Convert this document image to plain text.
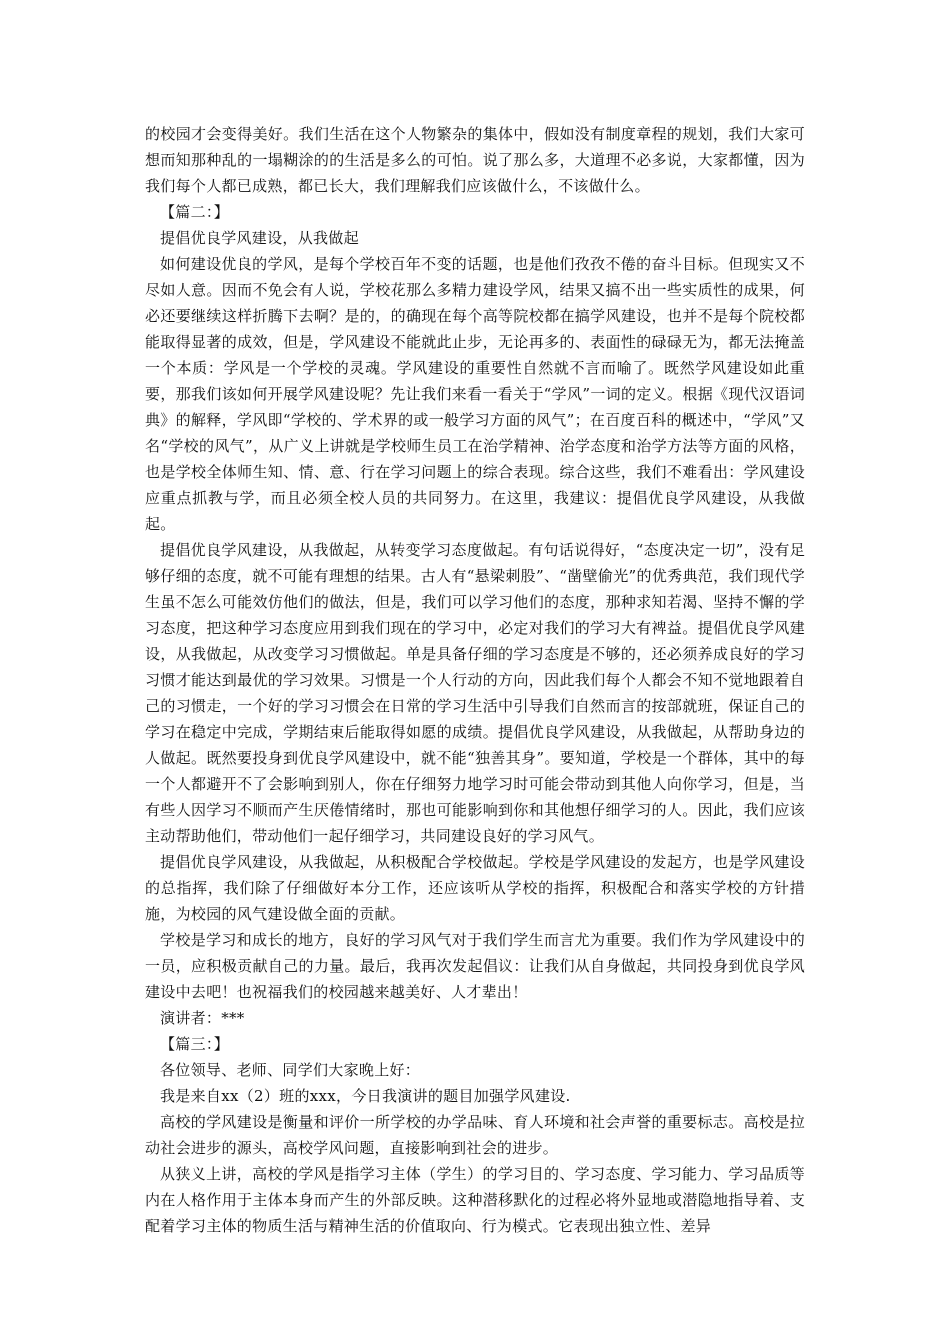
的校园才会变得美好。我们生活在这个人物繁杂的集体中，假如没有制度章程的规划，我们大家可想而知那种乱的一塌糊涂的的生活是多么的可怕。说了那么多，大道理不必多说，大家都懂，因为我们每个人都已成熟，都已长大，我们理解我们应该做什么，不该做什么。

【篇二：】

提倡优良学风建设，从我做起

如何建设优良的学风，是每个学校百年不变的话题，也是他们孜孜不倦的奋斗目标。但现实又不尽如人意。因而不免会有人说，学校花那么多精力建设学风，结果又搞不出一些实质性的成果，何必还要继续这样折腾下去啊？是的，的确现在每个高等院校都在搞学风建设，也并不是每个院校都能取得显著的成效，但是，学风建设不能就此止步，无论再多的、表面性的碌碌无为，都无法掩盖一个本质：学风是一个学校的灵魂。学风建设的重要性自然就不言而喻了。既然学风建设如此重要，那我们该如何开展学风建设呢？先让我们来看一看关于“学风”一词的定义。根据《现代汉语词典》的解释，学风即“学校的、学术界的或一般学习方面的风气”；在百度百科的概述中，“学风”又名“学校的风气”，从广义上讲就是学校师生员工在治学精神、治学态度和治学方法等方面的风格，也是学校全体师生知、情、意、行在学习问题上的综合表现。综合这些，我们不难看出：学风建设应重点抓教与学，而且必须全校人员的共同努力。在这里，我建议：提倡优良学风建设，从我做起。

提倡优良学风建设，从我做起，从转变学习态度做起。有句话说得好，“态度决定一切”，没有足够仔细的态度，就不可能有理想的结果。古人有“悬梁刺股”、“凿壁偷光”的优秀典范，我们现代学生虽不怎么可能效仿他们的做法，但是，我们可以学习他们的态度，那种求知若渴、坚持不懈的学习态度，把这种学习态度应用到我们现在的学习中，必定对我们的学习大有裨益。提倡优良学风建设，从我做起，从改变学习习惯做起。单是具备仔细的学习态度是不够的，还必须养成良好的学习习惯才能达到最优的学习效果。习惯是一个人行动的方向，因此我们每个人都会不知不觉地跟着自己的习惯走，一个好的学习习惯会在日常的学习生活中引导我们自然而言的按部就班，保证自己的学习在稳定中完成，学期结束后能取得如愿的成绩。提倡优良学风建设，从我做起，从帮助身边的人做起。既然要投身到优良学风建设中，就不能“独善其身”。要知道，学校是一个群体，其中的每一个人都避开不了会影响到别人，你在仔细努力地学习时可能会带动到其他人向你学习，但是，当有些人因学习不顺而产生厌倦情绪时，那也可能影响到你和其他想仔细学习的人。因此，我们应该主动帮助他们，带动他们一起仔细学习，共同建设良好的学习风气。

提倡优良学风建设，从我做起，从积极配合学校做起。学校是学风建设的发起方，也是学风建设的总指挥，我们除了仔细做好本分工作，还应该听从学校的指挥，积极配合和落实学校的方针措施，为校园的风气建设做全面的贡献。

学校是学习和成长的地方，良好的学习风气对于我们学生而言尤为重要。我们作为学风建设中的一员，应积极贡献自己的力量。最后，我再次发起倡议：让我们从自身做起，共同投身到优良学风建设中去吧！也祝福我们的校园越来越美好、人才辈出！

演讲者：***

【篇三：】

各位领导、老师、同学们大家晚上好：

我是来自xx（2）班的xxx，今日我演讲的题目加强学风建设.

高校的学风建设是衡量和评价一所学校的办学品味、育人环境和社会声誉的重要标志。高校是拉动社会进步的源头，高校学风问题，直接影响到社会的进步。

从狭义上讲，高校的学风是指学习主体（学生）的学习目的、学习态度、学习能力、学习品质等内在人格作用于主体本身而产生的外部反映。这种潜移默化的过程必将外显地或潜隐地指导着、支配着学习主体的物质生活与精神生活的价值取向、行为模式。它表现出独立性、差异
